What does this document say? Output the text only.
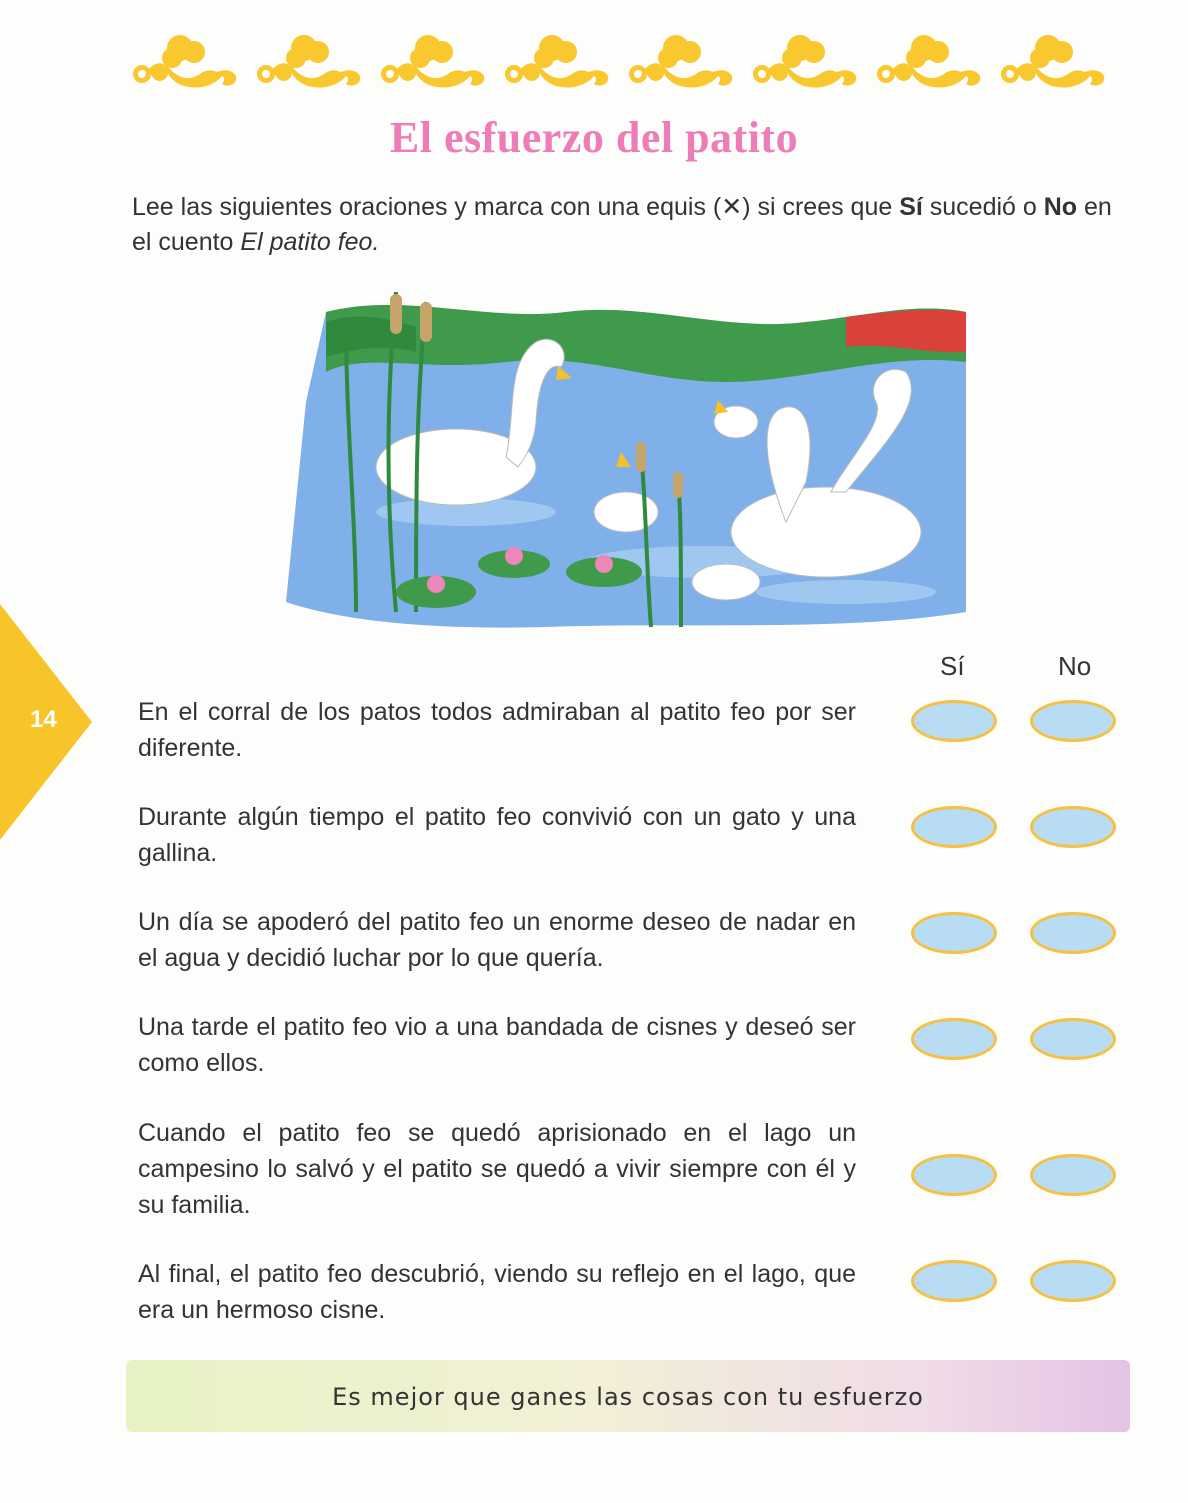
El esfuerzo del patito
Lee las siguientes oraciones y marca con una equis (✕) si crees que Sí sucedió o No en el cuento El patito feo.
14
Sí	No

En el corral de los patos todos admiraban al patito feo por ser diferente.

Durante algún tiempo el patito feo convivió con un gato y una gallina.

Un día se apoderó del patito feo un enorme deseo de nadar en el agua y decidió luchar por lo que quería.

Una tarde el patito feo vio a una bandada de cisnes y deseó ser como ellos.

Cuando el patito feo se quedó aprisionado en el lago un campesino lo salvó y el patito se quedó a vivir siempre con él y su familia.

Al final, el patito feo descubrió, viendo su reflejo en el lago, que era un hermoso cisne.

Es mejor que ganes las cosas con tu esfuerzo
